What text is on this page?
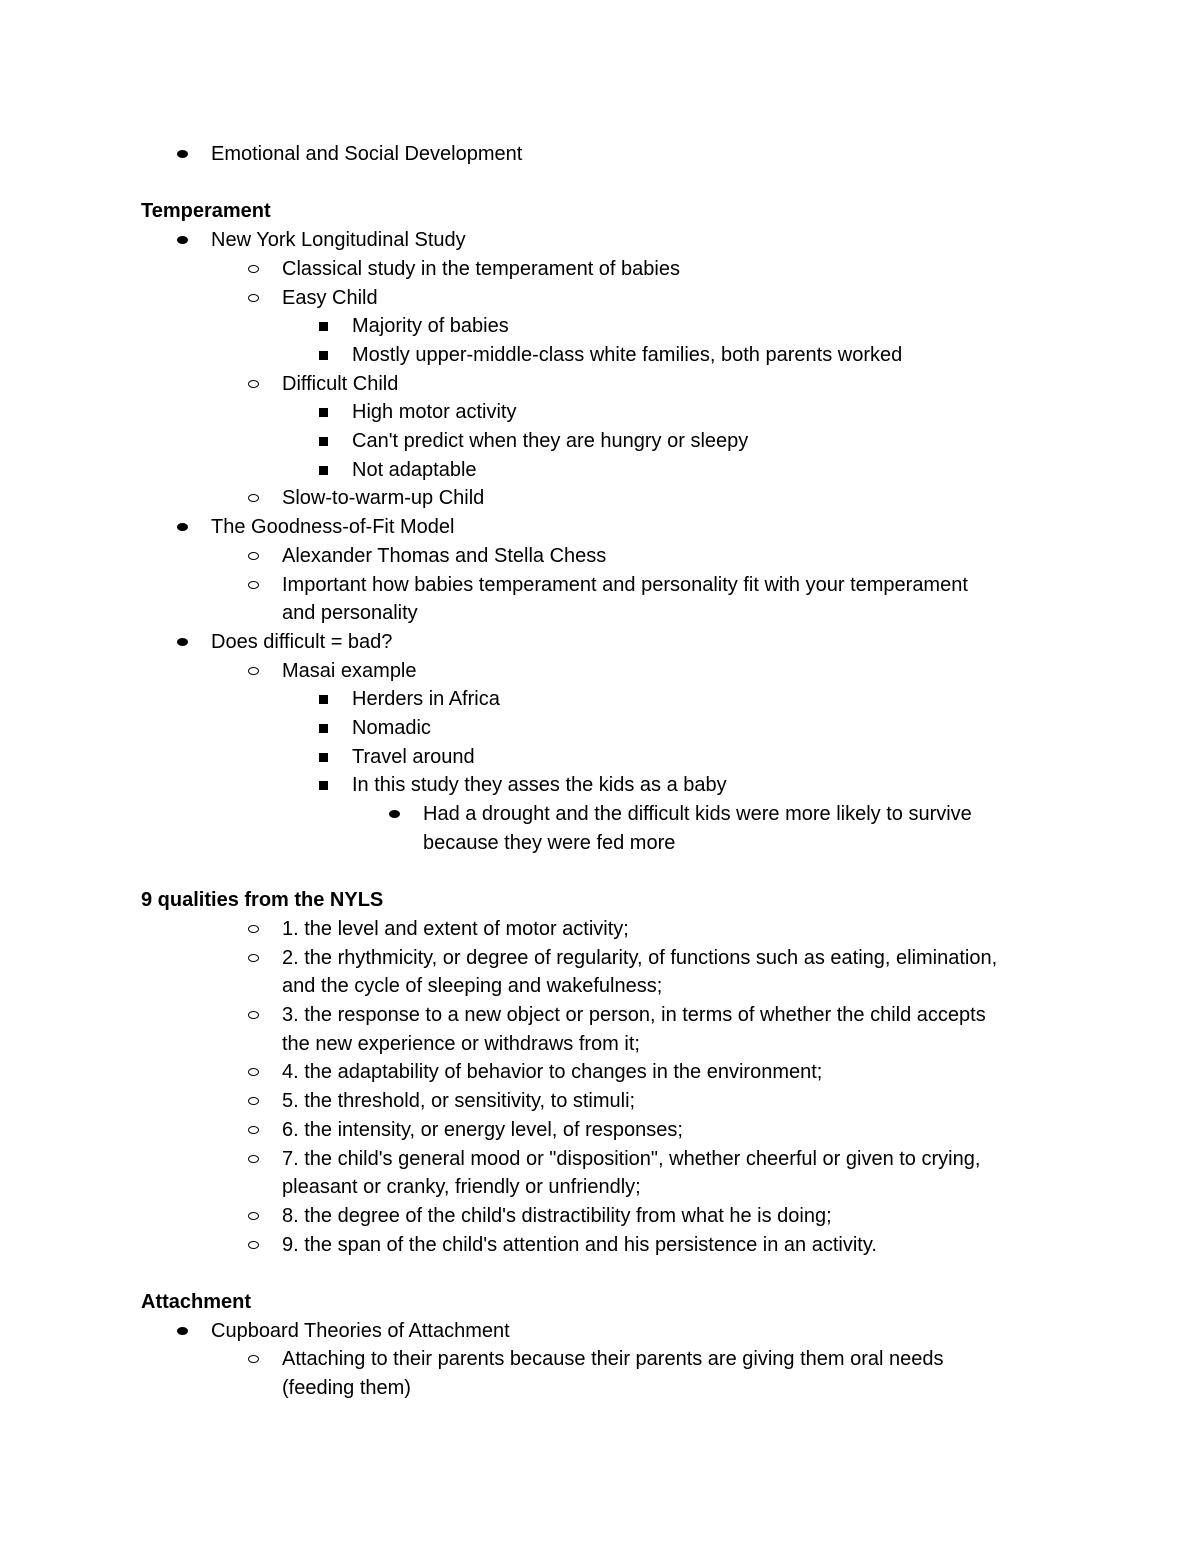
Emotional and Social Development
Temperament
New York Longitudinal Study
Classical study in the temperament of babies
Easy Child
Majority of babies
Mostly upper-middle-class white families, both parents worked
Difficult Child
High motor activity
Can't predict when they are hungry or sleepy
Not adaptable
Slow-to-warm-up Child
The Goodness-of-Fit Model
Alexander Thomas and Stella Chess
Important how babies temperament and personality fit with your temperament
and personality
Does difficult = bad?
Masai example
Herders in Africa
Nomadic
Travel around
In this study they asses the kids as a baby
Had a drought and the difficult kids were more likely to survive
because they were fed more
9 qualities from the NYLS
1. the level and extent of motor activity;
2. the rhythmicity, or degree of regularity, of functions such as eating, elimination,
and the cycle of sleeping and wakefulness;
3. the response to a new object or person, in terms of whether the child accepts
the new experience or withdraws from it;
4. the adaptability of behavior to changes in the environment;
5. the threshold, or sensitivity, to stimuli;
6. the intensity, or energy level, of responses;
7. the child's general mood or "disposition", whether cheerful or given to crying,
pleasant or cranky, friendly or unfriendly;
8. the degree of the child's distractibility from what he is doing;
9. the span of the child's attention and his persistence in an activity.
Attachment
Cupboard Theories of Attachment
Attaching to their parents because their parents are giving them oral needs
(feeding them)
